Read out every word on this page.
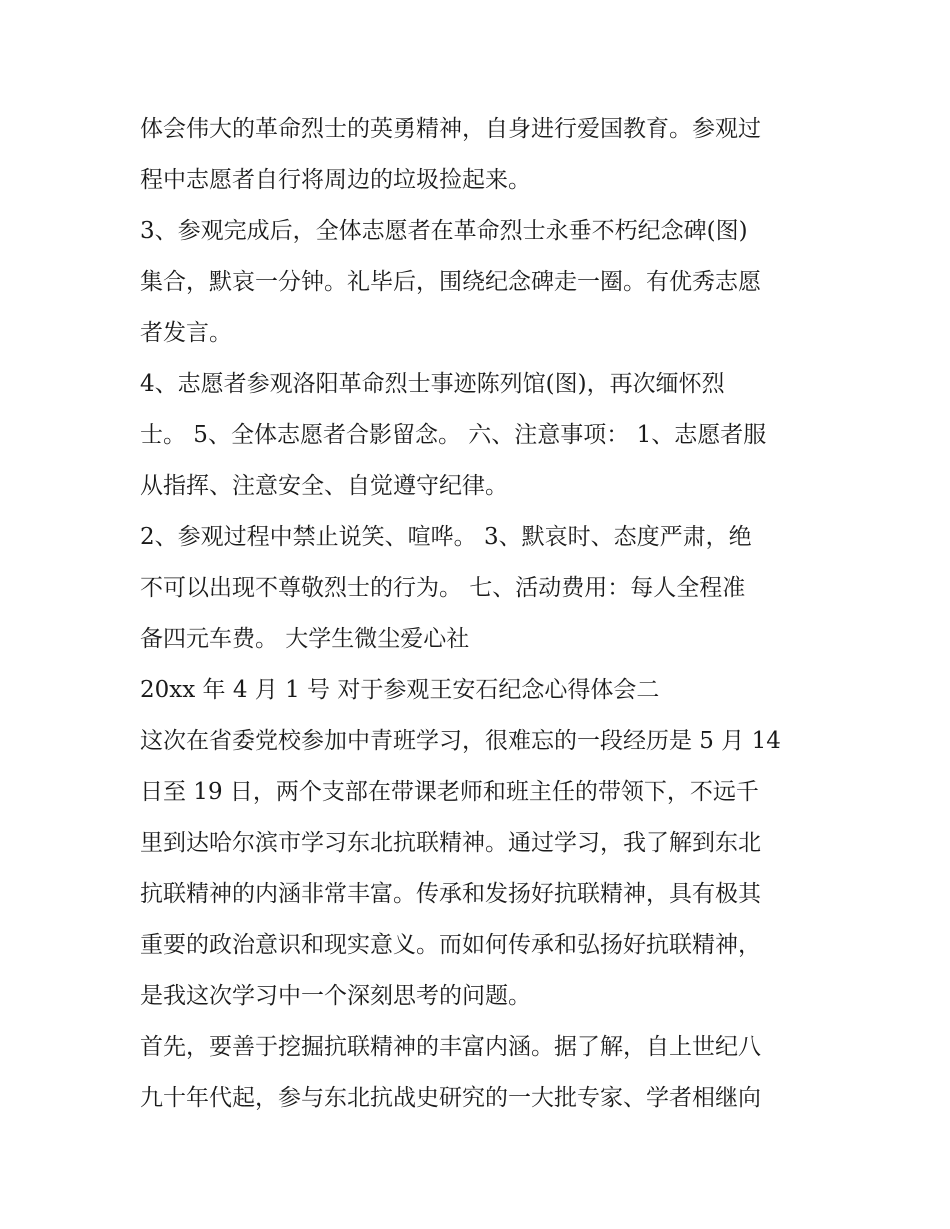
体会伟大的革命烈士的英勇精神，自身进行爱国教育。参观过
程中志愿者自行将周边的垃圾捡起来。
3、参观完成后，全体志愿者在革命烈士永垂不朽纪念碑(图)
集合，默哀一分钟。礼毕后，围绕纪念碑走一圈。有优秀志愿
者发言。
4、志愿者参观洛阳革命烈士事迹陈列馆(图)，再次缅怀烈
士。 5、全体志愿者合影留念。 六、注意事项： 1、志愿者服
从指挥、注意安全、自觉遵守纪律。
2、参观过程中禁止说笑、喧哗。 3、默哀时、态度严肃，绝
不可以出现不尊敬烈士的行为。 七、活动费用：每人全程准
备四元车费。 大学生微尘爱心社
20xx 年 4 月 1 号 对于参观王安石纪念心得体会二
这次在省委党校参加中青班学习，很难忘的一段经历是 5 月 14
日至 19 日，两个支部在带课老师和班主任的带领下，不远千
里到达哈尔滨市学习东北抗联精神。通过学习，我了解到东北
抗联精神的内涵非常丰富。传承和发扬好抗联精神，具有极其
重要的政治意识和现实意义。而如何传承和弘扬好抗联精神，
是我这次学习中一个深刻思考的问题。
首先，要善于挖掘抗联精神的丰富内涵。据了解，自上世纪八
九十年代起，参与东北抗战史研究的一大批专家、学者相继向
